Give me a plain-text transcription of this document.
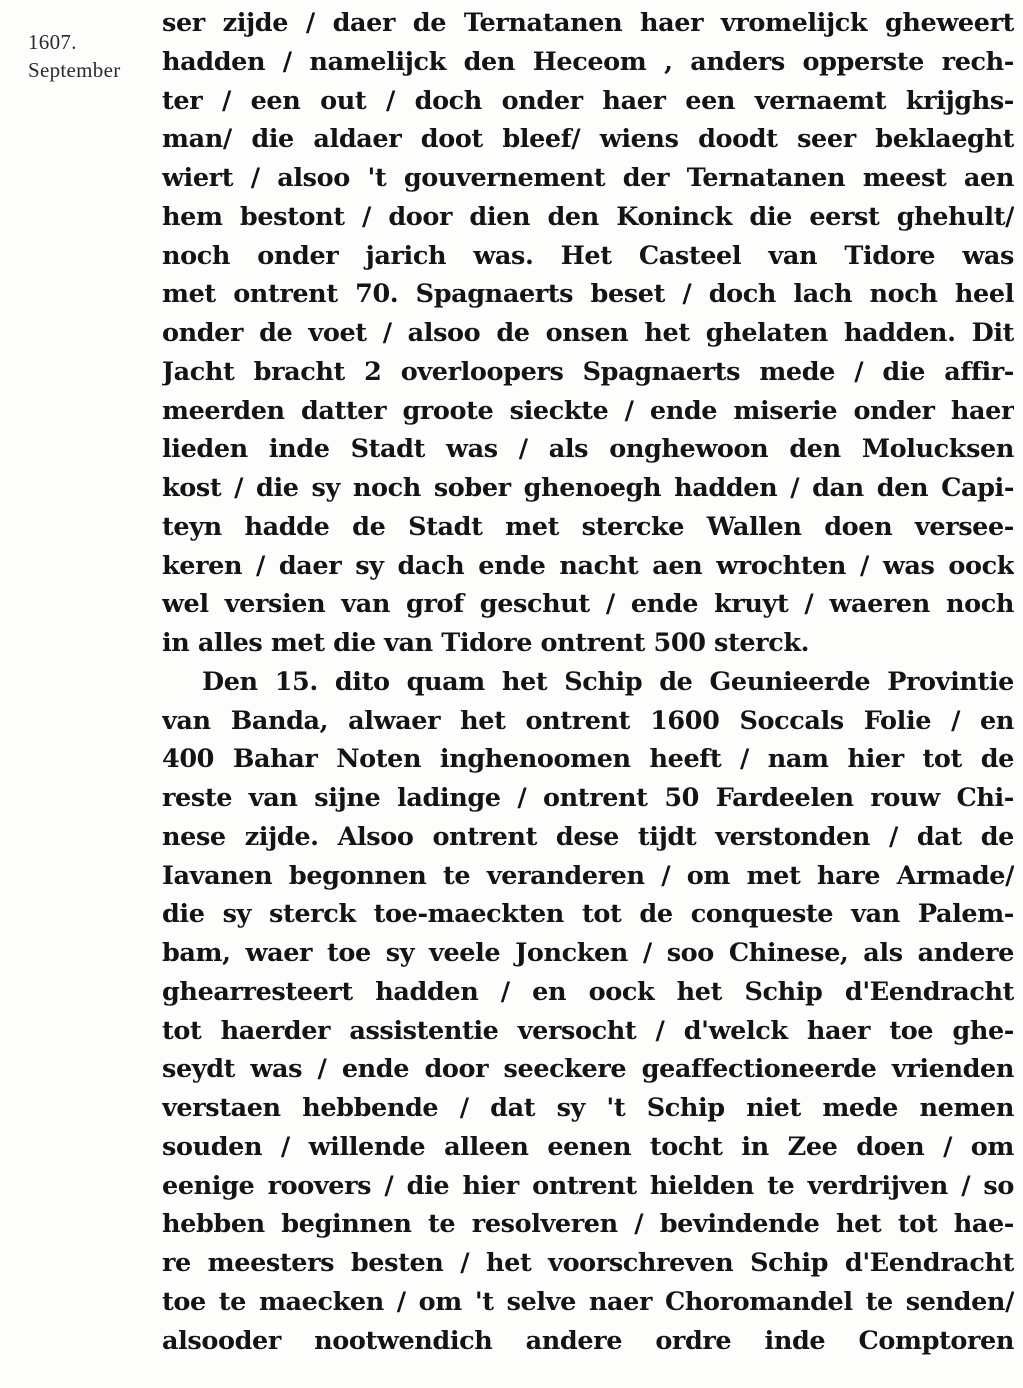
1607.
September
ser zijde / daer de Ternatanen haer vromelijck gheweert
hadden / namelijck den Heceom , anders opperste rech-
ter / een out / doch onder haer een vernaemt krijghs-
man/ die aldaer doot bleef/ wiens doodt seer beklaeght
wiert / alsoo 't gouvernement der Ternatanen meest aen
hem bestont / door dien den Koninck die eerst ghehult/
noch onder jarich was. Het Casteel van Tidore was
met ontrent 70. Spagnaerts beset / doch lach noch heel
onder de voet / alsoo de onsen het ghelaten hadden. Dit
Jacht bracht 2 overloopers Spagnaerts mede / die affir-
meerden datter groote sieckte / ende miserie onder haer
lieden inde Stadt was / als onghewoon den Molucksen
kost / die sy noch sober ghenoegh hadden / dan den Capi-
teyn hadde de Stadt met stercke Wallen doen versee-
keren / daer sy dach ende nacht aen wrochten / was oock
wel versien van grof geschut / ende kruyt / waeren noch
in alles met die van Tidore ontrent 500 sterck.
Den 15. dito quam het Schip de Geunieerde Provintie
van Banda, alwaer het ontrent 1600 Soccals Folie / en
400 Bahar Noten inghenoomen heeft / nam hier tot de
reste van sijne ladinge / ontrent 50 Fardeelen rouw Chi-
nese zijde. Alsoo ontrent dese tijdt verstonden / dat de
Iavanen begonnen te veranderen / om met hare Armade/
die sy sterck toe-maeckten tot de conqueste van Palem-
bam, waer toe sy veele Joncken / soo Chinese, als andere
ghearresteert hadden / en oock het Schip d'Eendracht
tot haerder assistentie versocht / d'welck haer toe ghe-
seydt was / ende door seeckere geaffectioneerde vrienden
verstaen hebbende / dat sy 't Schip niet mede nemen
souden / willende alleen eenen tocht in Zee doen / om
eenige roovers / die hier ontrent hielden te verdrijven / so
hebben beginnen te resolveren / bevindende het tot hae-
re meesters besten / het voorschreven Schip d'Eendracht
toe te maecken / om 't selve naer Choromandel te senden/
alsooder nootwendich andere ordre inde Comptoren
